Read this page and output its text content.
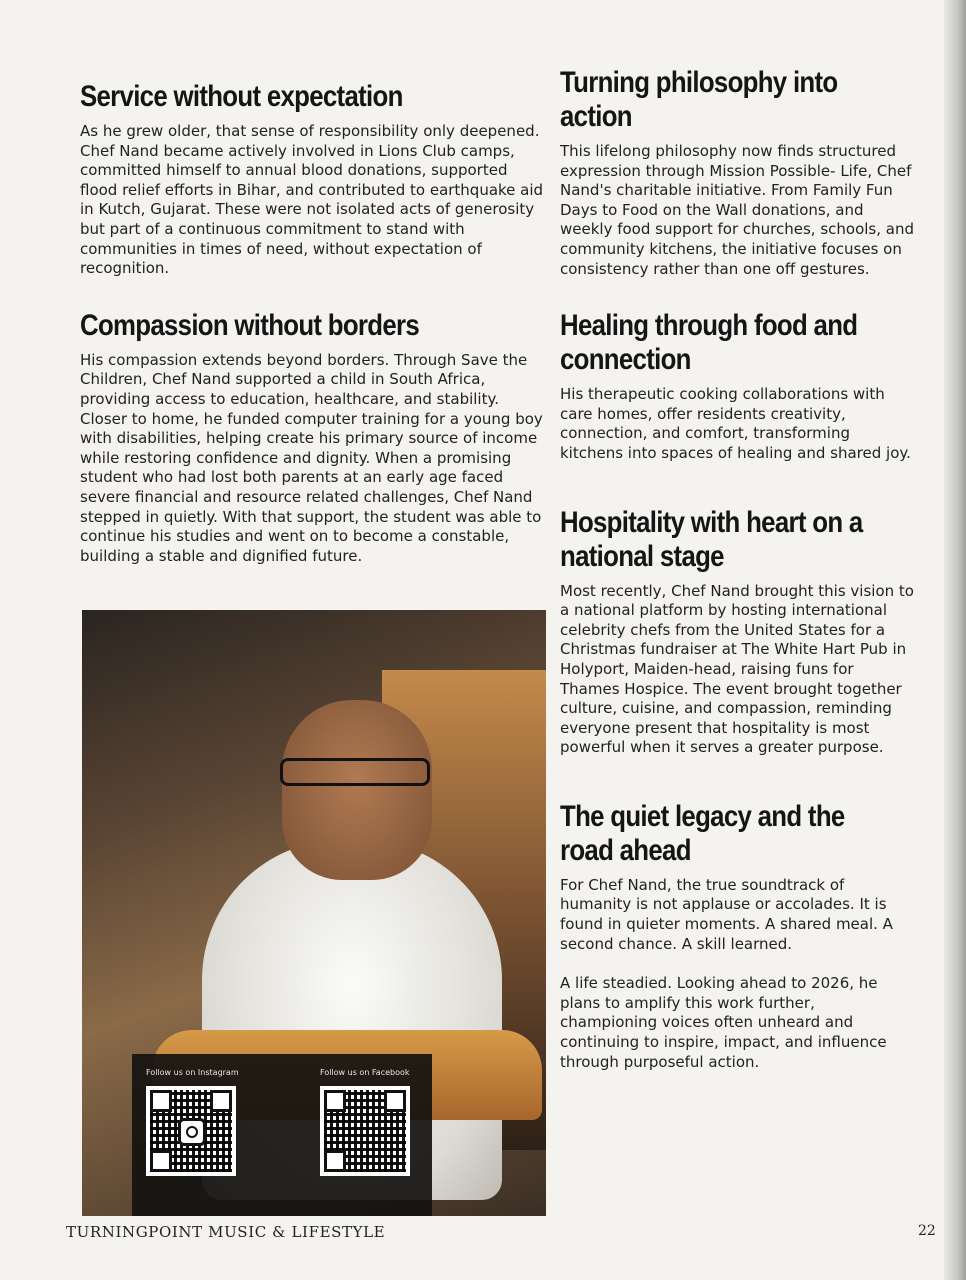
Service without expectation

As he grew older, that sense of responsibility only deepened. Chef Nand became actively involved in Lions Club camps, committed himself to annual blood donations, supported flood relief efforts in Bihar, and contributed to earthquake aid in Kutch, Gujarat. These were not isolated acts of generosity but part of a continuous commitment to stand with communities in times of need, without expectation of recognition.

Compassion without borders

His compassion extends beyond borders. Through Save the Children, Chef Nand supported a child in South Africa, providing access to education, healthcare, and stability. Closer to home, he funded computer training for a young boy with disabilities, helping create his primary source of income while restoring confidence and dignity. When a promising student who had lost both parents at an early age faced severe financial and resource related challenges, Chef Nand stepped in quietly. With that support, the student was able to continue his studies and went on to become a constable, building a stable and dignified future.

Follow us on Instagram	Follow us on Facebook
Turning philosophy into action

This lifelong philosophy now finds structured expression through Mission Possible- Life, Chef Nand's charitable initiative. From Family Fun Days to Food on the Wall donations, and weekly food support for churches, schools, and community kitchens, the initiative focuses on consistency rather than one off gestures.

Healing through food and connection

His therapeutic cooking collaborations with care homes, offer residents creativity, connection, and comfort, transforming kitchens into spaces of healing and shared joy.

Hospitality with heart on a national stage

Most recently, Chef Nand brought this vision to a national platform by hosting international celebrity chefs from the United States for a Christmas fundraiser at The White Hart Pub in Holyport, Maiden-head, raising funs for Thames Hospice. The event brought together culture, cuisine, and compassion, reminding everyone present that hospitality is most powerful when it serves a greater purpose.

The quiet legacy and the road ahead

For Chef Nand, the true soundtrack of humanity is not applause or accolades. It is found in quieter moments. A shared meal. A second chance. A skill learned.

A life steadied. Looking ahead to 2026, he plans to amplify this work further, championing voices often unheard and continuing to inspire, impact, and influence through purposeful action.

TURNINGPOINT MUSIC & LIFESTYLE	22
